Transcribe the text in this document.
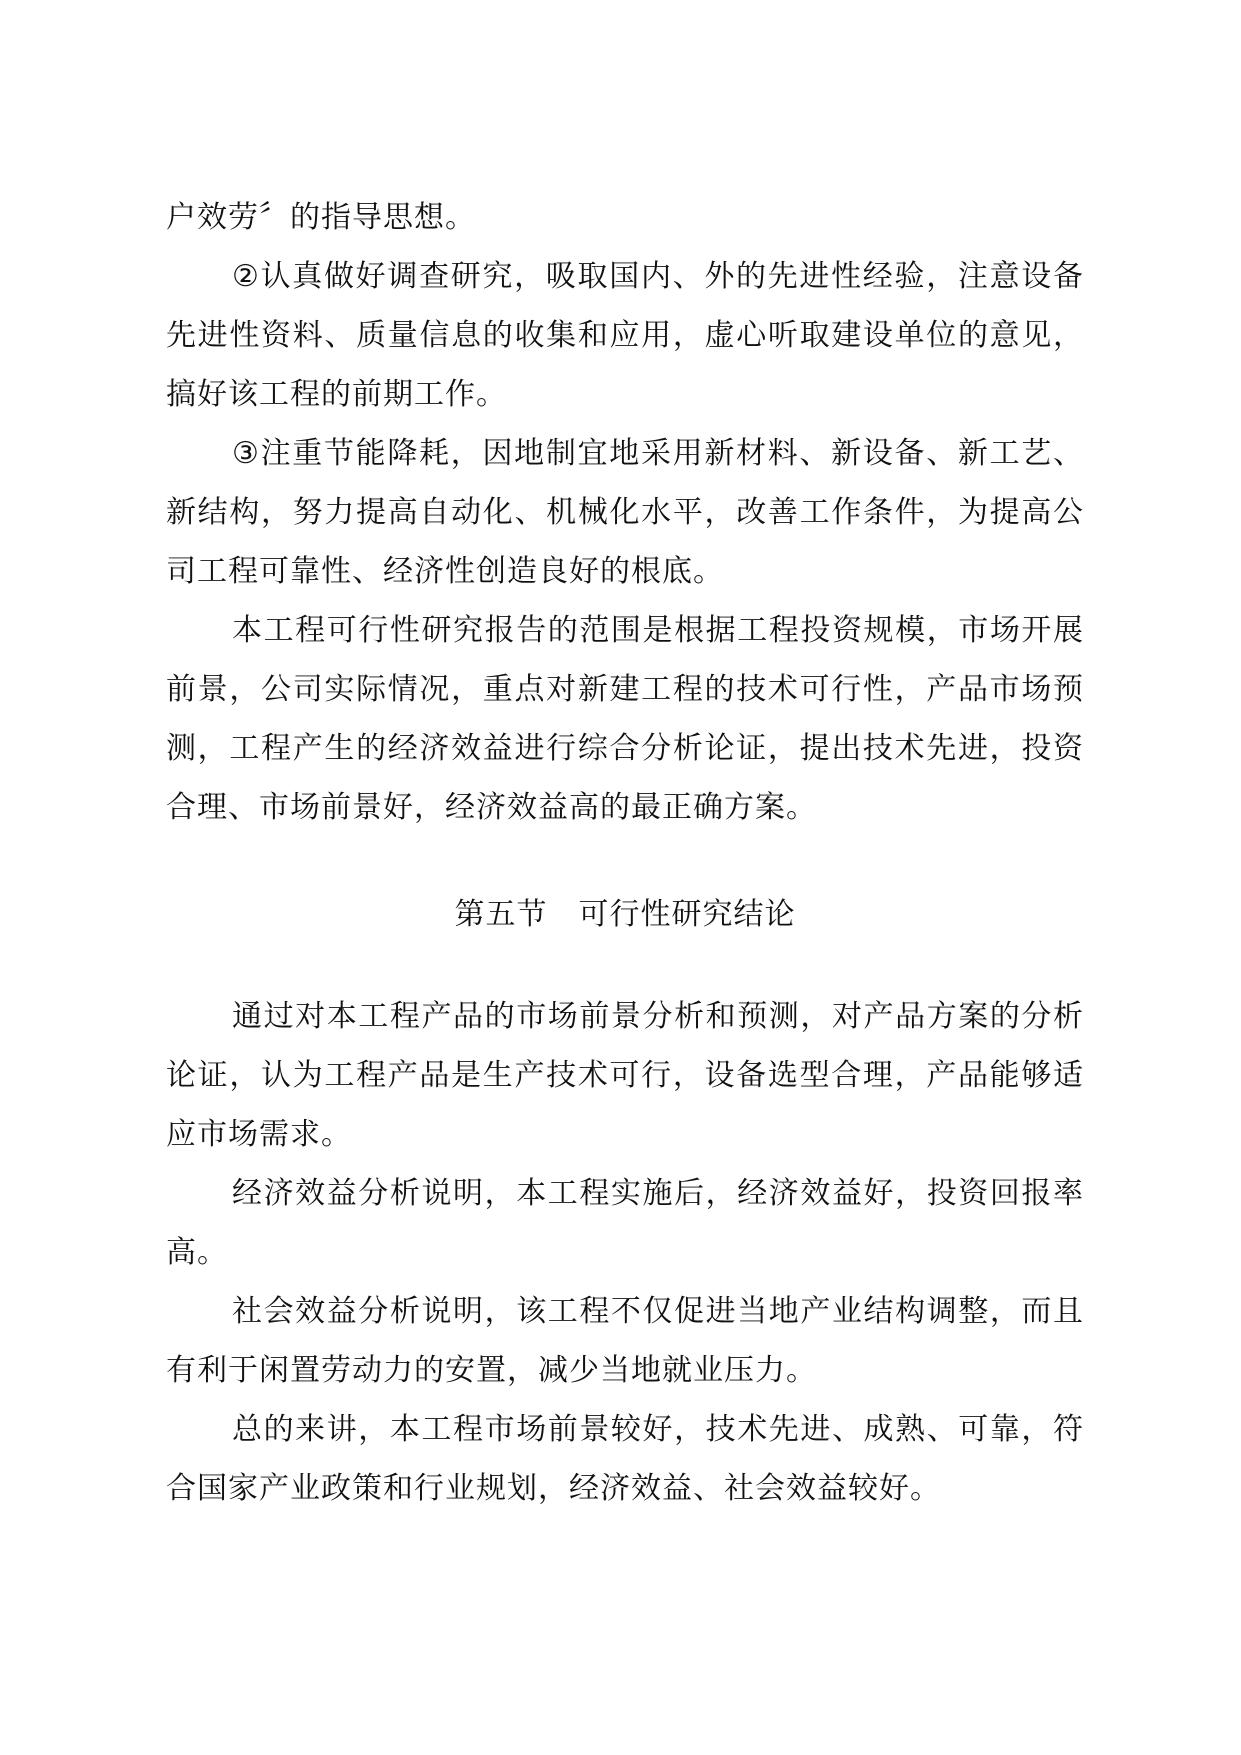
户效劳〞的指导思想。

②认真做好调查研究，吸取国内、外的先进性经验，注意设备先进性资料、质量信息的收集和应用，虚心听取建设单位的意见，搞好该工程的前期工作。

③注重节能降耗，因地制宜地采用新材料、新设备、新工艺、新结构，努力提高自动化、机械化水平，改善工作条件，为提高公司工程可靠性、经济性创造良好的根底。

本工程可行性研究报告的范围是根据工程投资规模，市场开展前景，公司实际情况，重点对新建工程的技术可行性，产品市场预测，工程产生的经济效益进行综合分析论证，提出技术先进，投资合理、市场前景好，经济效益高的最正确方案。

第五节　可行性研究结论

通过对本工程产品的市场前景分析和预测，对产品方案的分析论证，认为工程产品是生产技术可行，设备选型合理，产品能够适应市场需求。

经济效益分析说明，本工程实施后，经济效益好，投资回报率高。

社会效益分析说明，该工程不仅促进当地产业结构调整，而且有利于闲置劳动力的安置，减少当地就业压力。

总的来讲，本工程市场前景较好，技术先进、成熟、可靠，符合国家产业政策和行业规划，经济效益、社会效益较好。
